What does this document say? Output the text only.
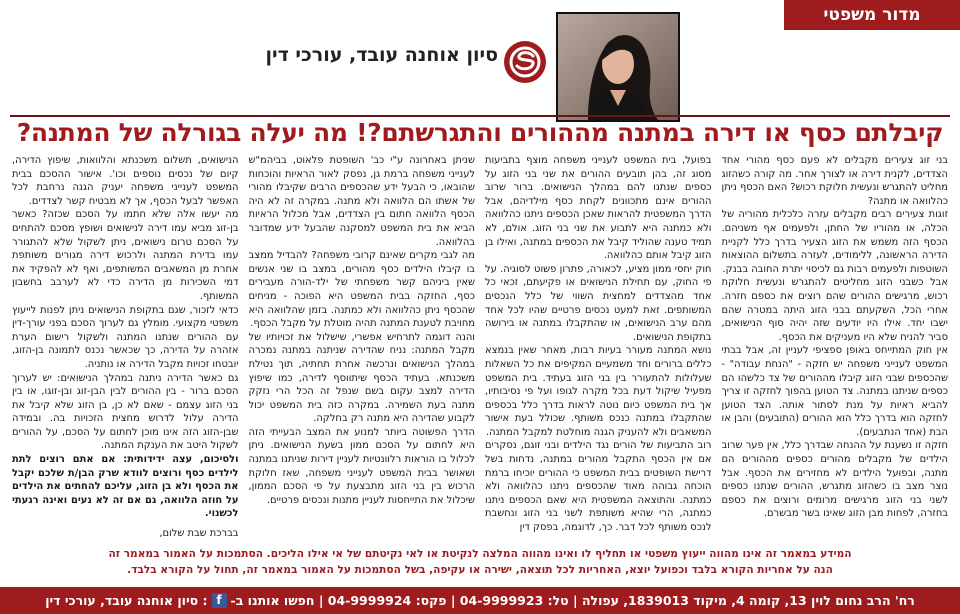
מדור משפטי
סיון אוחנה עובד, עורכי דין
קיבלתם כסף או דירה במתנה מההורים והתגרשתם?! מה יעלה בגורלה של המתנה?

בני זוג צעירים מקבלים לא פעם כסף מהורי אחד הצדדים, לקנית דירה או לצורך אחר. מה קורה כשהזוג מחליט להתגרש ונעשית חלוקת רכוש? האם הכסף ניתן כהלוואה או מתנה?

זוגות צעירים רבים מקבלים עזרה כלכלית מהוריה של הכלה, או מהוריו של החתן, ולפעמים אף משניהם. הכסף הזה משמש את הזוג הצעיר בדרך כלל לקניית הדירה הראשונה, ללימודים, לעזרה בתשלום ההוצאות השוטפות ולפעמים רבות גם לכיסוי יתרת החובה בבנק.

אבל כשבני הזוג מחליטים להתגרש ונעשית חלוקת רכוש, מרגישים ההורים שהם רוצים את כספם חזרה. אחרי הכל, השקעתם בבני הזוג היתה במטרה שהם ישבו יחד. אילו היו יודעים שזה יהיה סוף הנישואים, סביר להניח שלא היו מעניקים את הכסף.

אין חוק המתייחס באופן ספציפי לעניין זה, אבל בבתי המשפט לענייני משפחה יש חזקה - "הנחת עבודה" - שהכספים שבני הזוג קיבלו מההורים של צד כלשהו הם כספים שניתנו במתנה. צד הטוען בהפוך לחזקה זו צריך להביא ראיות על מנת לסתור אותה. הצד הטוען לחזקה הוא בדרך כלל הוא ההורים (התובעים) והבן או הבת (אחד הנתבעים).

חזקה זו נשענת על ההנחה שבדרך כלל, אין פער שרוב הילדים של מקבלים מהורים כספים מההורים הם מתנה, ובפועל הילדים לא מחזירים את הכסף. אבל נוצר מצב בו כשהזוג מתגרש, ההורים שנתנו כספים לשני בני הזוג מרגישים מרומים ורוצים את כספם בחזרה, לפחות מבן הזוג שאינו בשר מבשרם.

בפועל, בית המשפט לענייני משפחה מוצף בתביעות מסוג זה, בהן תובעים ההורים את שני בני הזוג על כספים שנתנו להם במהלך הנישואים. ברור שרוב ההורים אינם מתכוונים לקחת כסף מילדיהם, אבל הדרך המשפטית להראות שאכן הכספים ניתנו כהלוואה ולא כמתנה היא לתבוע את שני בני הזוג. אולם, לא תמיד טענה שהוליד קיבל את הכספים במתנה, ואילו בן הזוג קיבל אותם כהלוואה.

חוק יחסי ממון מציע, לכאורה, פתרון פשוט לסוגיה. על פי החוק, עם תחילת הנישואים או פקיעתם, זכאי כל אחד מהצדדים למחצית השווי של כלל הנכסים המשותפים. זאת למעט נכסים פרטיים שהיו לכל אחד מהם ערב הנישואים, או שהתקבלו במתנה או בירושה בתקופת הנישואים.

נושא המתנה מעורר בעיות רבות, מאחר שאין בנמצא כללים ברורים וחד משמעיים המקיפים את כל השאלות שעלולות להתעורר בין בני הזוג בעתיד. בית המשפט מפעיל שיקול דעת בכל מקרה לגופו ועל פי נסיבותיו, אך בית המשפט כיום נוטה לראות בדרך כלל בכספים שהתקבלו במתנה כנכס משותף. שכולל בעת אישור המשאבים ולא להעניק הגנה מוחלטת למקבל המתנה.

רוב התביעות של הורים נגד הילדים ובני זוגם, נסקרים אם אין הכסף התקבל מהורים במתנה, נדחות בשל דרישת השופטים בבית המשפט כי ההורים יוכיחו ברמת הוכחה גבוהה מאוד שהכספים ניתנו כהלוואה ולא כמתנה. והתוצאה המשפטית היא שאם הכספים ניתנו כמתנה, הרי שהיא משותפת לשני בני הזוג ונחשבת לנכס משותף לכל דבר. כך, לדוגמה, בפסק דין

שניתן באחרונה ע"י כב' השופטת פלאוט, בביהמ"ש לענייני משפחה ברמת גן, נפסק לאור הראיות והוכחות שהובאו, כי הבעל ידע שהכספים הרבים שקיבלו מהורי של אשתו הם הלוואה ולא מתנה. במקרה זה לא היה הכסף הלוואה חתום בין הצדדים, אבל מכלול הראיות הביא את בית המשפט למסקנה שהבעל ידע שמדובר בהלוואה.

מה לגבי מקרים שאינם קרובי משפחה? להבדיל ממצב בו קיבלו הילדים כסף מהורים, במצב בו שני אנשים שאין ביניהם קשר משפחתי של ילד-הורה מעבירים כסף, החזקה בבית המשפט היא הפוכה - מניחים שהכסף ניתן כהלוואה ולא כמתנה. בזמן שהלוואה היא מחויבת לטענת המתנה תהיה מוטלת על מקבל הכסף.

והנה דוגמה לתרחיש אפשרי, שישלול את זכויותיו של מקבל המתנה: נניח שהדירה שניתנה במתנה נמכרה במהלך הנישואים ונרכשה אחרת תחתיה, תוך נטילת משכנתא. בעתיד הכסף שיתווסף לדירה, כמו שיפוץ הדירה למצב עקום בשם שנפל זה הכל הרי נזקק מתנה בעת השמירה. במקרה כזה בית המשפט יכול לקבוע שהדירה היא מתנה רק בחלקה.

הדרך הפשוטה ביותר למנוע את המצב הבעייתי הזה היא לחתום על הסכם ממון בשעת הנישואים. ניתן לכלול בו הוראות רלוונטיות לעניין דירות שניתנו במתנה ושאושר בבית המשפט לענייני משפחה, שאז חלוקת הרכוש בין בני הזוג מתבצעת על פי הסכם הממון, שיכלול את התייחסות לעניין מתנות ונכסים פרטיים.

הנישואים, תשלום משכנתא והלוואות, שיפוץ הדירה, קיום של נכסים נוספים וכו'. אישור ההסכם בבית המשפט לענייני משפחה יעניק הגנה נרחבת לכל האפשר לבעל הכסף, אך לא מבטיח קשר לצדדים.

מה יעשו אלה שלא חתמו על הסכם שכזה? כאשר בן-זוג מביא עמו דירה לנישואים ושופץ מסכם להתחים על הסכם טרום נישואים, ניתן לשקול שלא להתגורר עמו בדירת המתנה ולרכוש דירה מגורים משותפת אחרת מן המשאבים המשותפים, ואף לא להפקיד את דמי השכירות מן הדירה כדי לא לערבב בחשבון המשותף.

כדאי לזכור, שגם בתקופת הנישואים ניתן לפנות לייעוץ משפטי מקצועי. מומלץ גם לערוך הסכם בפני עורך-דין עם ההורים שנתנו המתנה ולשקול רישום הערת אזהרה על הדירה, כך שכאשר נכנס לתמונה בן-הזוג, יובטחו זכויות מקבל הדירה או נותניה.

גם כאשר הדירה ניתנה במהלך הנישואים: יש לערוך הסכם ברור - בין ההורים לבין הבן-זוג ובן-זוגו, או בין בני הזוג עצמם - שאם לא כן, בן הזוג שלא קיבל את הדירה עלול לדרוש מחצית הזכויות בה. ובמידה שבן-הזוג הזה אינו מוכן לחתום על הסכם, על ההורים לשקול היטב את הענקת המתנה.

ולסיכום, עצה ידידותית: אם אתם רוצים לתת לילדים כסף ורוצים לוודא שרק הבן/ת שלכם יקבל את הכסף ולא בן הזוג, עליכם להחתים את הילדים על חוזה הלוואה, גם אם זה לא נעים ואינה רגעתי לכשנוי.

בברכת שבת שלום,
המידע במאמר זה אינו מהווה ייעוץ משפטי או תחליף לו ואינו מהווה המלצה לנקיטת או לאי נקיטתם של אי אילו הליכים. הסתמכות על האמור במאמר זה
הנה על אחריות הקורא בלבד וכפועל יוצא, האחריות לכל תוצאה, ישירה או עקיפה, בשל הסתמכות על האמור במאמר זה, תחול על הקורא בלבד.
רח' הרב נחום לוין 13, קומה 4, מיקוד 1839013, עפולה
|
טל: 04-9999923
|
פקס: 04-9999924
|
חפשו אותנו ב-
f
: סיון אוחנה עובד, עורכי דין
